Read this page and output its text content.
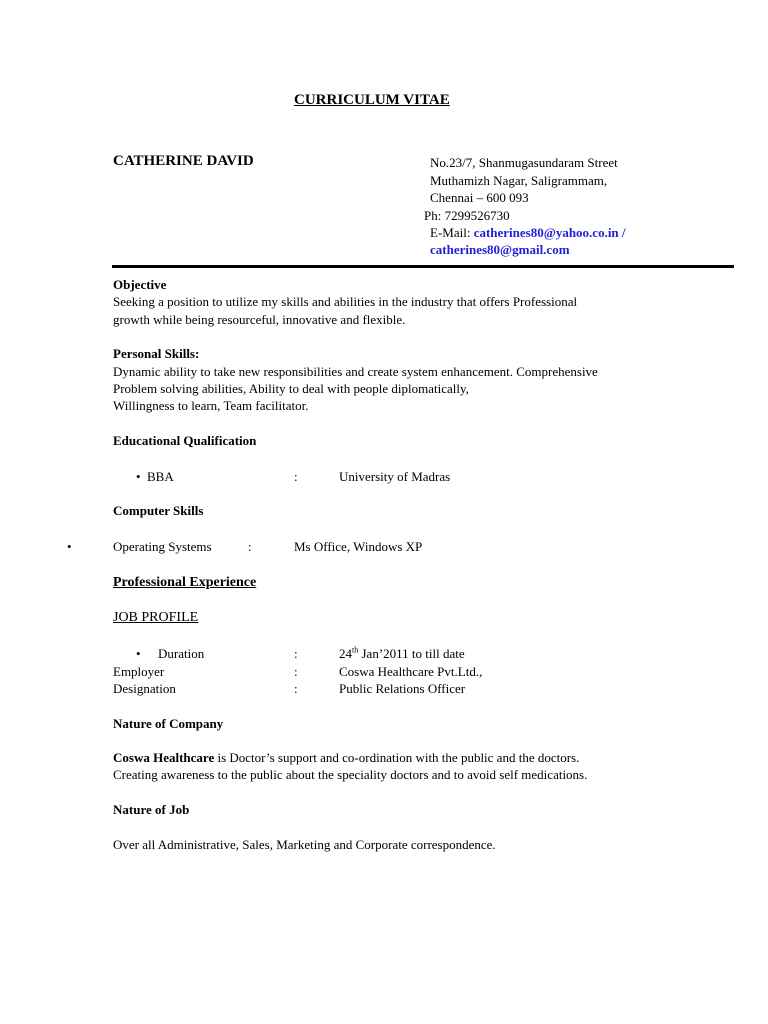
CURRICULUM VITAE
CATHERINE DAVID	No.23/7, Shanmugasundaram Street
Muthamizh Nagar, Saligrammam,
Chennai – 600 093
Ph: 7299526730
E-Mail: catherines80@yahoo.co.in /
catherines80@gmail.com
Objective
Seeking a position to utilize my skills and abilities in the industry that offers Professional
growth while being resourceful, innovative and flexible.
Personal Skills:
Dynamic ability to take new responsibilities and create system enhancement. Comprehensive
Problem solving abilities, Ability to deal with people diplomatically,
Willingness to learn, Team facilitator.
Educational Qualification
• BBA	:	University of Madras
Computer Skills
•	Operating Systems	:	Ms Office, Windows XP
Professional Experience
JOB PROFILE
• Duration	:	24th Jan’2011 to till date
Employer	:	Coswa Healthcare Pvt.Ltd.,
Designation	:	Public Relations Officer
Nature of Company
Coswa Healthcare is Doctor’s support and co-ordination with the public and the doctors.
Creating awareness to the public about the speciality doctors and to avoid self medications.
Nature of Job
Over all Administrative, Sales, Marketing and Corporate correspondence.
